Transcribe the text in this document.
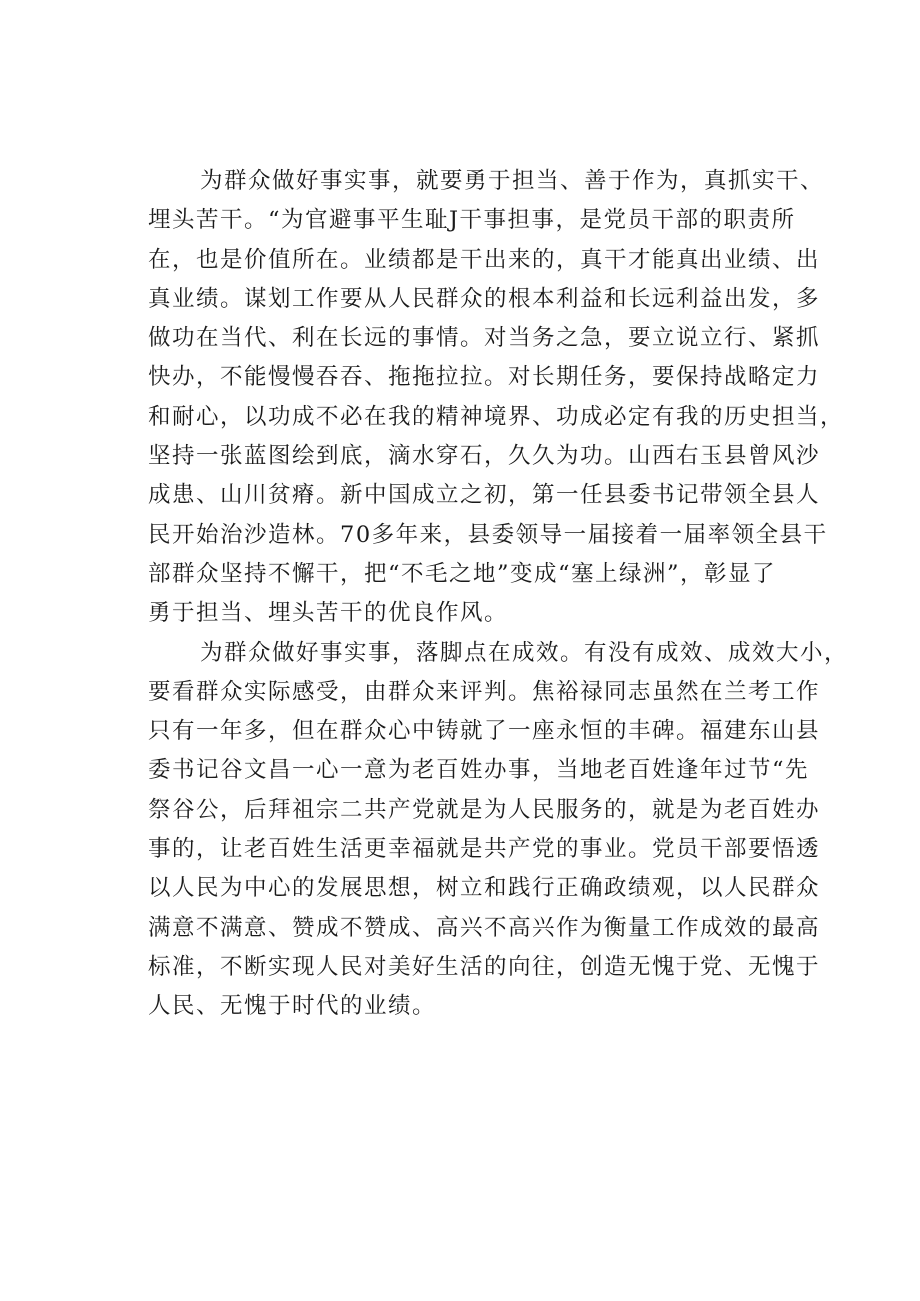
为群众做好事实事，就要勇于担当、善于作为，真抓实干、
埋头苦干。“为官避事平生耻J干事担事，是党员干部的职责所
在，也是价值所在。业绩都是干出来的，真干才能真出业绩、出
真业绩。谋划工作要从人民群众的根本利益和长远利益出发，多
做功在当代、利在长远的事情。对当务之急，要立说立行、紧抓
快办，不能慢慢吞吞、拖拖拉拉。对长期任务，要保持战略定力
和耐心，以功成不必在我的精神境界、功成必定有我的历史担当，
坚持一张蓝图绘到底，滴水穿石，久久为功。山西右玉县曾风沙
成患、山川贫瘠。新中国成立之初，第一任县委书记带领全县人
民开始治沙造林。70多年来，县委领导一届接着一届率领全县干
部群众坚持不懈干，把“不毛之地”变成“塞上绿洲”，彰显了
勇于担当、埋头苦干的优良作风。
为群众做好事实事，落脚点在成效。有没有成效、成效大小，
要看群众实际感受，由群众来评判。焦裕禄同志虽然在兰考工作
只有一年多，但在群众心中铸就了一座永恒的丰碑。福建东山县
委书记谷文昌一心一意为老百姓办事，当地老百姓逢年过节“先
祭谷公，后拜祖宗二共产党就是为人民服务的，就是为老百姓办
事的，让老百姓生活更幸福就是共产党的事业。党员干部要悟透
以人民为中心的发展思想，树立和践行正确政绩观，以人民群众
满意不满意、赞成不赞成、高兴不高兴作为衡量工作成效的最高
标准，不断实现人民对美好生活的向往，创造无愧于党、无愧于
人民、无愧于时代的业绩。
